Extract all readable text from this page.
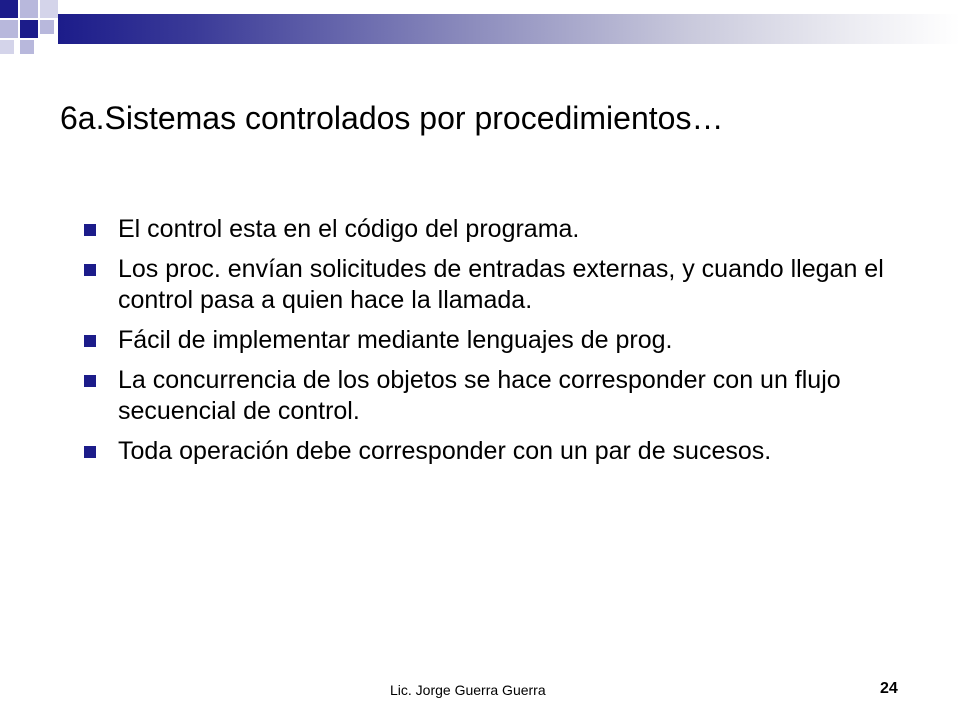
6a.Sistemas controlados por procedimientos…
El control esta en el código del programa.
Los proc. envían solicitudes de entradas externas, y cuando llegan el control pasa a quien hace la llamada.
Fácil de implementar mediante lenguajes de prog.
La concurrencia de los objetos se hace corresponder con un flujo secuencial de control.
Toda operación debe corresponder con un par de sucesos.
Lic. Jorge Guerra Guerra	24
